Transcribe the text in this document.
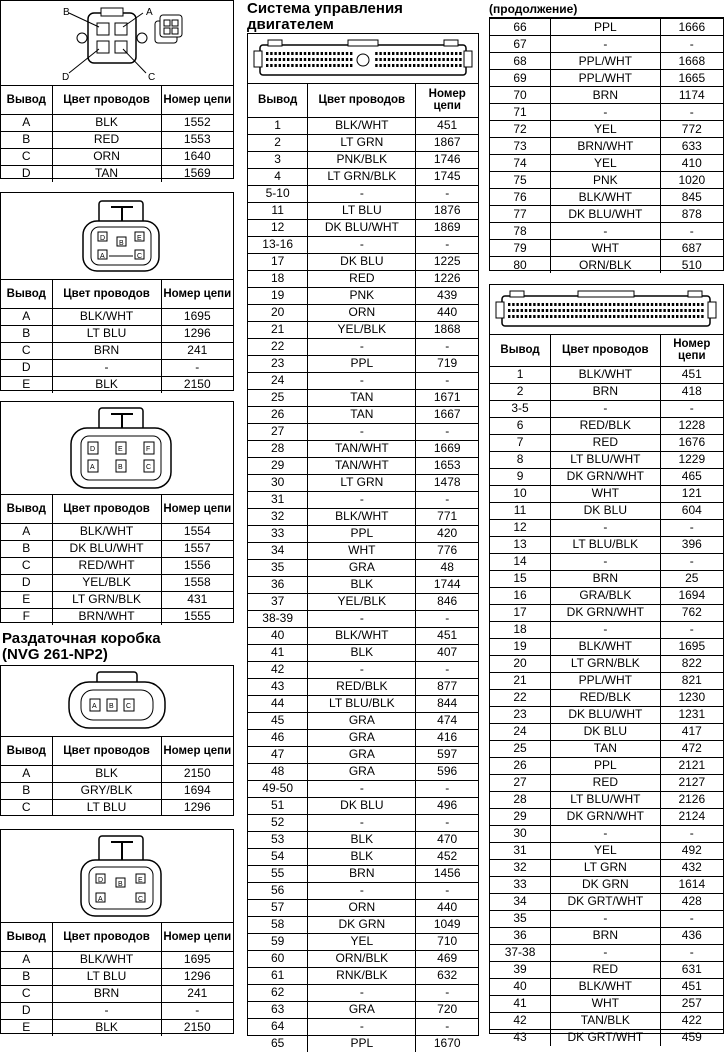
B	A
D	C
Вывод	Цвет проводов	Номер цепи
A	BLK	1552
B	RED	1553
C	ORN	1640
D	TAN	1569
D
B
E
A	C
Вывод	Цвет проводов	Номер цепи
A	BLK/WHT	1695
B	LT BLU	1296
C	BRN	241
D	-	-
E	BLK	2150
D	E	F
A	B	C
Вывод	Цвет проводов	Номер цепи
A	BLK/WHT	1554
B	DK BLU/WHT	1557
C	RED/WHT	1556
D	YEL/BLK	1558
E	LT GRN/BLK	431
F	BRN/WHT	1555
Раздаточная коробка (NVG 261-NP2)
A B C
Вывод	Цвет проводов	Номер цепи
A	BLK	2150
B	GRY/BLK	1694
C	LT BLU	1296
D
B
E
A	C
Вывод	Цвет проводов	Номер цепи
A	BLK/WHT	1695
B	LT BLU	1296
C	BRN	241
D	-	-
E	BLK	2150
Система управления двигателем
Вывод	Цвет проводов	Номер цепи
1	BLK/WHT	451
2	LT GRN	1867
3	PNK/BLK	1746
4	LT GRN/BLK	1745
5-10	-	-
11	LT BLU	1876
12	DK BLU/WHT	1869
13-16	-	-
17	DK BLU	1225
18	RED	1226
19	PNK	439
20	ORN	440
21	YEL/BLK	1868
22	-	-
23	PPL	719
24	-	-
25	TAN	1671
26	TAN	1667
27	-	-
28	TAN/WHT	1669
29	TAN/WHT	1653
30	LT GRN	1478
31	-	-
32	BLK/WHT	771
33	PPL	420
34	WHT	776
35	GRA	48
36	BLK	1744
37	YEL/BLK	846
38-39	-	-
40	BLK/WHT	451
41	BLK	407
42	-	-
43	RED/BLK	877
44	LT BLU/BLK	844
45	GRA	474
46	GRA	416
47	GRA	597
48	GRA	596
49-50	-	-
51	DK BLU	496
52	-	-
53	BLK	470
54	BLK	452
55	BRN	1456
56	-	-
57	ORN	440
58	DK GRN	1049
59	YEL	710
60	ORN/BLK	469
61	RNK/BLK	632
62	-	-
63	GRA	720
64	-	-
65	PPL	1670
(продолжение)
66	PPL	1666
67	-	-
68	PPL/WHT	1668
69	PPL/WHT	1665
70	BRN	1174
71	-	-
72	YEL	772
73	BRN/WHT	633
74	YEL	410
75	PNK	1020
76	BLK/WHT	845
77	DK BLU/WHT	878
78	-	-
79	WHT	687
80	ORN/BLK	510
Вывод	Цвет проводов	Номер цепи
1	BLK/WHT	451
2	BRN	418
3-5	-	-
6	RED/BLK	1228
7	RED	1676
8	LT BLU/WHT	1229
9	DK GRN/WHT	465
10	WHT	121
11	DK BLU	604
12	-	-
13	LT BLU/BLK	396
14	-	-
15	BRN	25
16	GRA/BLK	1694
17	DK GRN/WHT	762
18	-	-
19	BLK/WHT	1695
20	LT GRN/BLK	822
21	PPL/WHT	821
22	RED/BLK	1230
23	DK BLU/WHT	1231
24	DK BLU	417
25	TAN	472
26	PPL	2121
27	RED	2127
28	LT BLU/WHT	2126
29	DK GRN/WHT	2124
30	-	-
31	YEL	492
32	LT GRN	432
33	DK GRN	1614
34	DK GRT/WHT	428
35	-	-
36	BRN	436
37-38	-	-
39	RED	631
40	BLK/WHT	451
41	WHT	257
42	TAN/BLK	422
43	DK GRT/WHT	459
